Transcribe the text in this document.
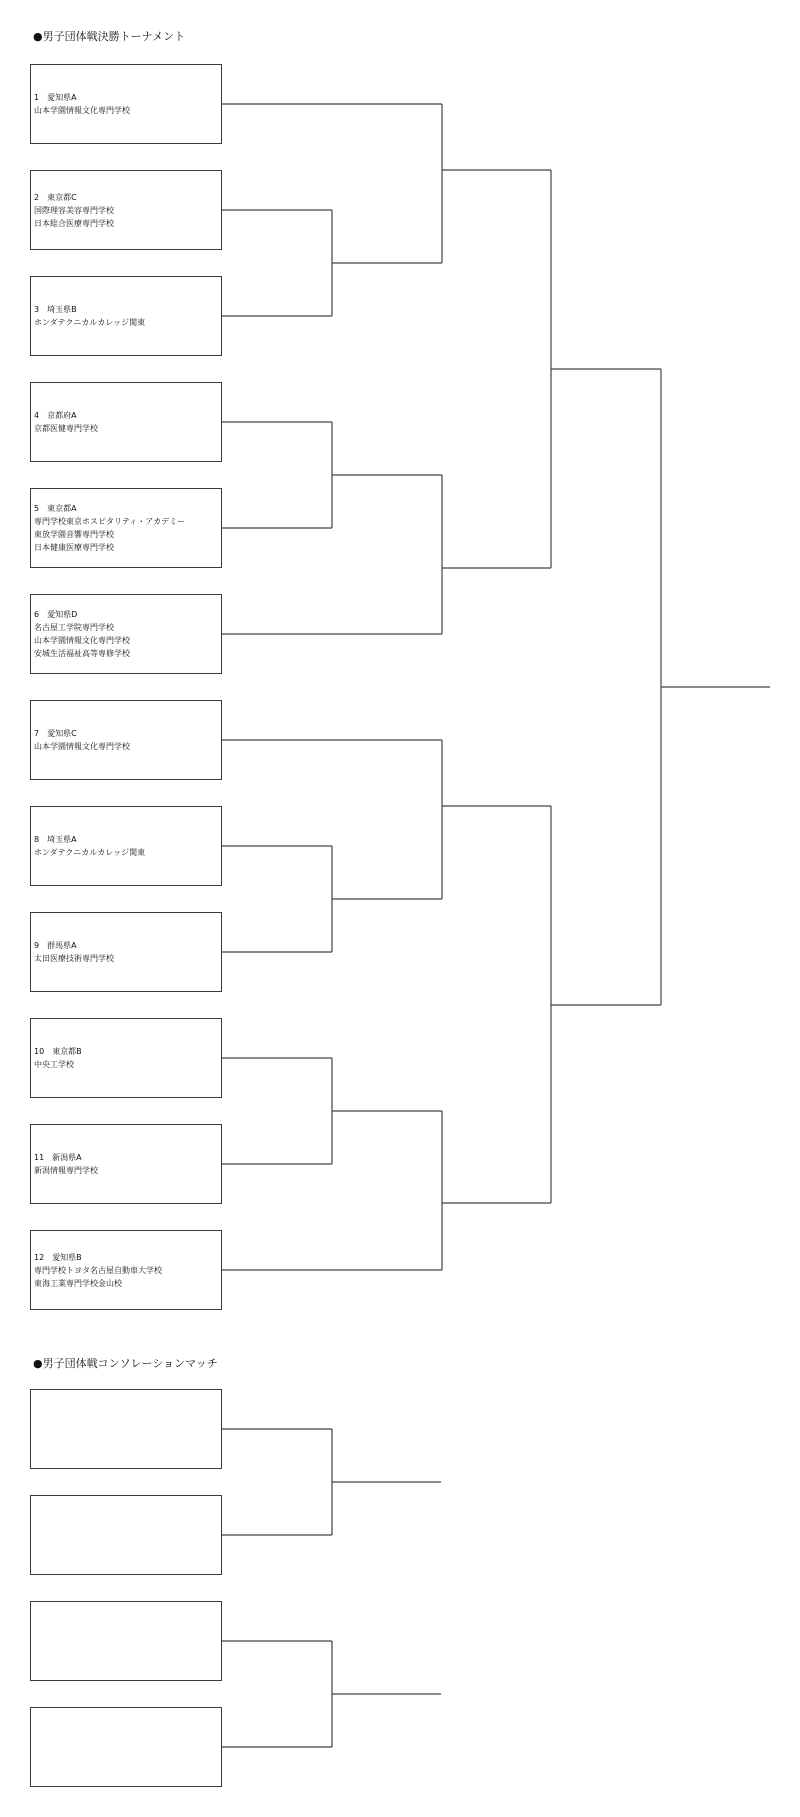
●男子団体戦決勝トーナメント
1　 愛知県A
山本学園情報文化専門学校
2　 東京都C
国際理容美容専門学校
日本総合医療専門学校
3　 埼玉県B
ホンダテクニカルカレッジ関東
4　 京都府A
京都医健専門学校
5　 東京都A
専門学校東京ホスピタリティ・アカデミー
東放学園音響専門学校
日本健康医療専門学校
6　 愛知県D
名古屋工学院専門学校
山本学園情報文化専門学校
安城生活福祉高等専修学校
7　 愛知県C
山本学園情報文化専門学校
8　 埼玉県A
ホンダテクニカルカレッジ関東
9　 群馬県A
太田医療技術専門学校
10　 東京都B
中央工学校
11　 新潟県A
新潟情報専門学校
12　 愛知県B
専門学校トヨタ名古屋自動車大学校
東海工業専門学校金山校
●男子団体戦コンソレーションマッチ
